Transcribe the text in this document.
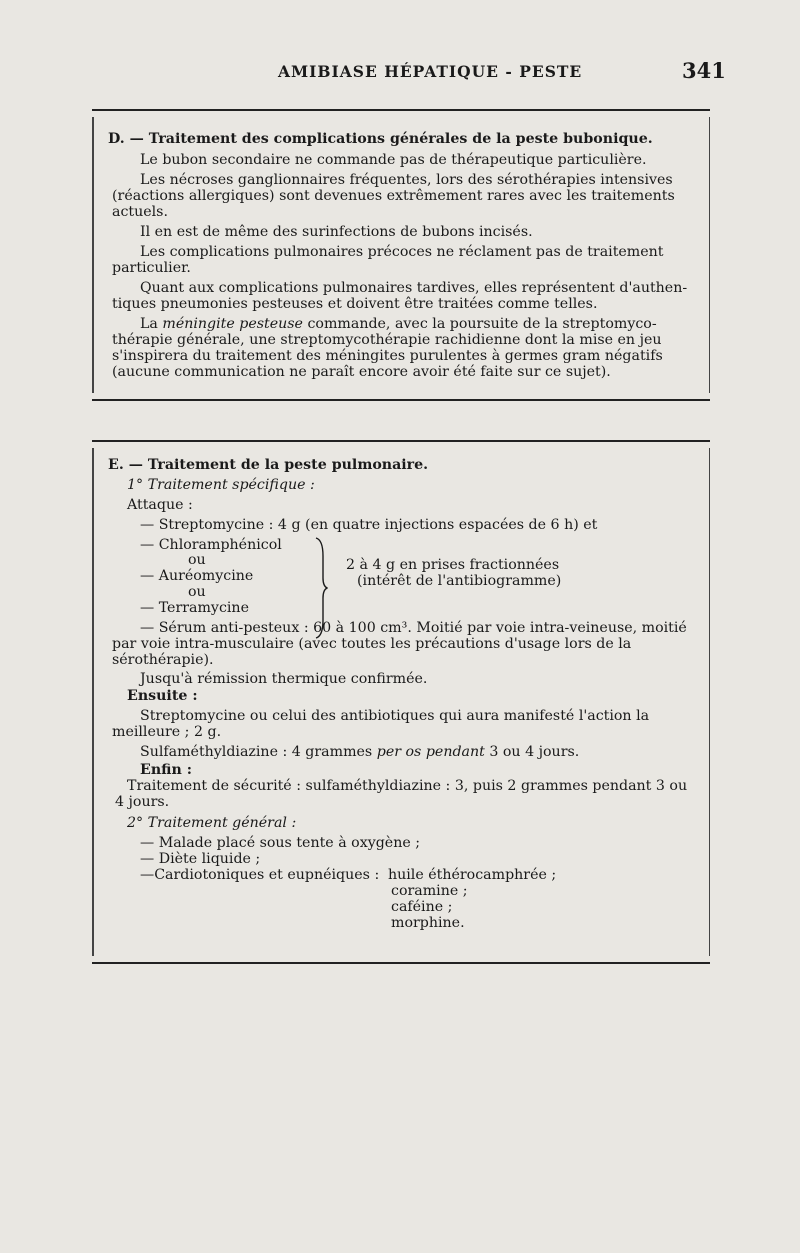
AMIBIASE HÉPATIQUE - PESTE	341
D. — Traitement des complications générales de la peste bubonique.
Le bubon secondaire ne commande pas de thérapeutique particulière.
Les nécroses ganglionnaires fréquentes, lors des sérothérapies intensives
(réactions allergiques) sont devenues extrêmement rares avec les traitements
actuels.
Il en est de même des surinfections de bubons incisés.
Les complications pulmonaires précoces ne réclament pas de traitement
particulier.
Quant aux complications pulmonaires tardives, elles représentent d'authen-
tiques pneumonies pesteuses et doivent être traitées comme telles.
La méningite pesteuse commande, avec la poursuite de la streptomyco-
thérapie générale, une streptomycothérapie rachidienne dont la mise en jeu
s'inspirera du traitement des méningites purulentes à germes gram négatifs
(aucune communication ne paraît encore avoir été faite sur ce sujet).
E. — Traitement de la peste pulmonaire.
1° Traitement spécifique :
Attaque :
— Streptomycine : 4 g (en quatre injections espacées de 6 h) et
— Chloramphénicol
ou
— Auréomycine
ou
— Terramycine
2 à 4 g en prises fractionnées
(intérêt de l'antibiogramme)
— Sérum anti-pesteux : 60 à 100 cm³. Moitié par voie intra-veineuse, moitié
par voie intra-musculaire (avec toutes les précautions d'usage lors de la
sérothérapie).
Jusqu'à rémission thermique confirmée.
Ensuite :
Streptomycine ou celui des antibiotiques qui aura manifesté l'action la
meilleure ; 2 g.
Sulfaméthyldiazine : 4 grammes per os pendant 3 ou 4 jours.
Enfin :
Traitement de sécurité : sulfaméthyldiazine : 3, puis 2 grammes pendant 3 ou
4 jours.
2° Traitement général :
— Malade placé sous tente à oxygène ;
— Diète liquide ;
—Cardiotoniques et eupnéiques : huile éthérocamphrée ;
coramine ;
caféine ;
morphine.
